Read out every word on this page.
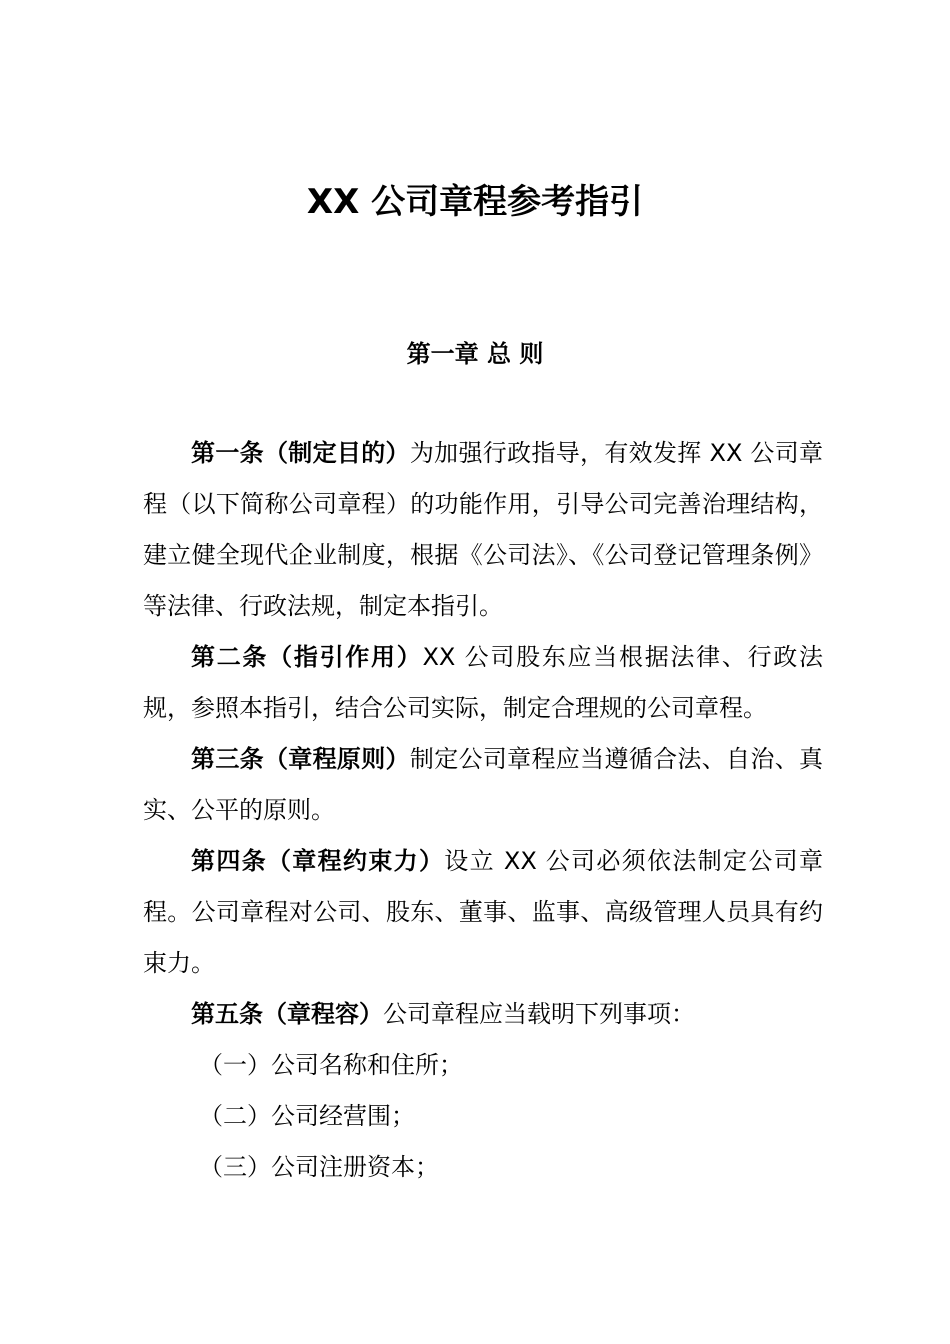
XX 公司章程参考指引
第一章 总 则

第一条（制定目的）为加强行政指导，有效发挥 XX 公司章程（以下简称公司章程）的功能作用，引导公司完善治理结构，建立健全现代企业制度，根据《公司法》、《公司登记管理条例》等法律、行政法规，制定本指引。

第二条（指引作用）XX 公司股东应当根据法律、行政法规，参照本指引，结合公司实际，制定合理规的公司章程。

第三条（章程原则）制定公司章程应当遵循合法、自治、真实、公平的原则。

第四条（章程约束力）设立 XX 公司必须依法制定公司章程。公司章程对公司、股东、董事、监事、高级管理人员具有约束力。

第五条（章程容）公司章程应当载明下列事项：

（一）公司名称和住所；

（二）公司经营围；

（三）公司注册资本；
